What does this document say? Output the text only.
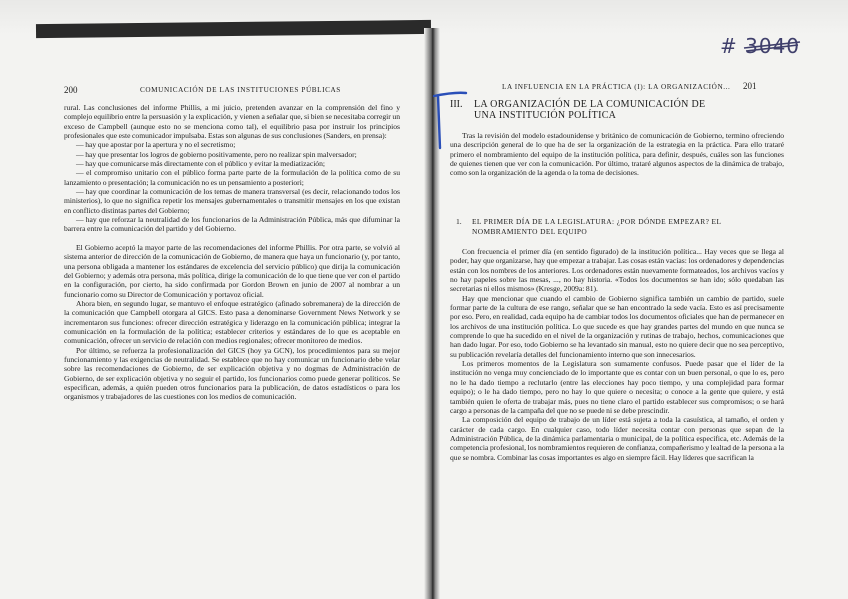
200	COMUNICACIÓN DE LAS INSTITUCIONES PÚBLICAS

rural. Las conclusiones del informe Phillis, a mi juicio, pretenden avanzar en la comprensión del fino y complejo equilibrio entre la persuasión y la explicación, y vienen a señalar que, si bien se necesitaba corregir un exceso de Campbell (aunque esto no se menciona como tal), el equilibrio pasa por instruir los principios profesionales que este comunicador impulsaba. Estas son algunas de sus conclusiones (Sanders, en prensa):

— hay que apostar por la apertura y no el secretismo;

— hay que presentar los logros de gobierno positivamente, pero no realizar spin malversador;

— hay que comunicarse más directamente con el público y evitar la mediatización;

— el compromiso unitario con el público forma parte parte de la formulación de la política como de su lanzamiento o presentación; la comunicación no es un pensamiento a posteriori;

— hay que coordinar la comunicación de los temas de manera transversal (es decir, relacionando todos los ministerios), lo que no significa repetir los mensajes gubernamentales o transmitir mensajes en los que existan en conflicto distintas partes del Gobierno;

— hay que reforzar la neutralidad de los funcionarios de la Administración Pública, más que difuminar la barrera entre la comunicación del partido y del Gobierno.

El Gobierno aceptó la mayor parte de las recomendaciones del informe Phillis. Por otra parte, se volvió al sistema anterior de dirección de la comunicación de Gobierno, de manera que haya un funcionario (y, por tanto, una persona obligada a mantener los estándares de excelencia del servicio público) que dirija la comunicación del Gobierno; y además otra persona, más política, dirige la comunicación de lo que tiene que ver con el partido en la configuración, por cierto, ha sido confirmada por Gordon Brown en junio de 2007 al nombrar a un funcionario como su Director de Comunicación y portavoz oficial.

Ahora bien, en segundo lugar, se mantuvo el enfoque estratégico (afinado sobremanera) de la dirección de la comunicación que Campbell otorgara al GICS. Esto pasa a denominarse Government News Network y se incrementaron sus funciones: ofrecer dirección estratégica y liderazgo en la comunicación pública; integrar la comunicación en la formulación de la política; establecer criterios y estándares de lo que es aceptable en comunicación, ofrecer un servicio de relación con medios regionales; ofrecer monitoreo de medios.

Por último, se refuerza la profesionalización del GICS (hoy ya GCN), los procedimientos para su mejor funcionamiento y las exigencias de neutralidad. Se establece que no hay comunicar un funcionario debe velar sobre las recomendaciones de Gobierno, de ser explicación objetiva y no dogmas de Administración de Gobierno, de ser explicación objetiva y no seguir el partido, los funcionarios como puede generar políticos. Se especifican, además, a quién pueden otros funcionarios para la publicación, de datos estadísticos o para los organismos y trabajadores de las cuestiones con los medios de comunicación.

LA INFLUENCIA EN LA PRÁCTICA (I): LA ORGANIZACIÓN... 201
III. LA ORGANIZACIÓN DE LA COMUNICACIÓN DE UNA INSTITUCIÓN POLÍTICA

Tras la revisión del modelo estadounidense y británico de comunicación de Gobierno, termino ofreciendo una descripción general de lo que ha de ser la organización de la estrategia en la práctica. Para ello trataré primero el nombramiento del equipo de la institución política, para definir, después, cuáles son las funciones de quienes tienen que ver con la comunicación. Por último, trataré algunos aspectos de la dinámica de trabajo, como son la organización de la agenda o la toma de decisiones.

1. EL PRIMER DÍA DE LA LEGISLATURA: ¿POR DÓNDE EMPEZAR? EL NOMBRAMIENTO DEL EQUIPO

Con frecuencia el primer día (en sentido figurado) de la institución política... Hay veces que se llega al poder, hay que organizarse, hay que empezar a trabajar. Las cosas están vacías: los ordenadores y dependencias están con los nombres de los anteriores. Los ordenadores están nuevamente formateados, los archivos vacíos y no hay papeles sobre las mesas, ..., no hay historia. «Todos los documentos se han ido; sólo quedaban las secretarias ni ellos mismos» (Kresge, 2009a: 81).

Hay que mencionar que cuando el cambio de Gobierno significa también un cambio de partido, suele formar parte de la cultura de ese rango, señalar que se han encontrado la sede vacía. Esto es así precisamente por eso. Pero, en realidad, cada equipo ha de cambiar todos los documentos oficiales que han de permanecer en los archivos de una institución política. Lo que sucede es que hay grandes partes del mundo en que nunca se comprende lo que ha sucedido en el nivel de la organización y rutinas de trabajo, hechos, comunicaciones que han dado lugar. Por eso, todo Gobierno se ha levantado sin manual, esto no quiere decir que no sea perceptivo, su publicación revelaría detalles del funcionamiento interno que son innecesarios.

Los primeros momentos de la Legislatura son sumamente confusos. Puede pasar que el líder de la institución no venga muy concienciado de lo importante que es contar con un buen personal, o que lo es, pero no le ha dado tiempo a reclutarlo (entre las elecciones hay poco tiempo, y una complejidad para formar equipo); o le ha dado tiempo, pero no hay lo que quiere o necesita; o conoce a la gente que quiere, y está también quien le oferta de trabajar más, pues no tiene claro el partido establecer sus compromisos; o se hará cargo a personas de la campaña del que no se puede ni se debe prescindir.

La composición del equipo de trabajo de un líder está sujeta a toda la casuística, al tamaño, el orden y carácter de cada cargo. En cualquier caso, todo líder necesita contar con personas que sepan de la Administración Pública, de la dinámica parlamentaria o municipal, de la política específica, etc. Además de la competencia profesional, los nombramientos requieren de confianza, compañerismo y lealtad de la persona a la que se nombra. Combinar las cosas importantes es algo en siempre fácil. Hay líderes que sacrifican la

# 3040
